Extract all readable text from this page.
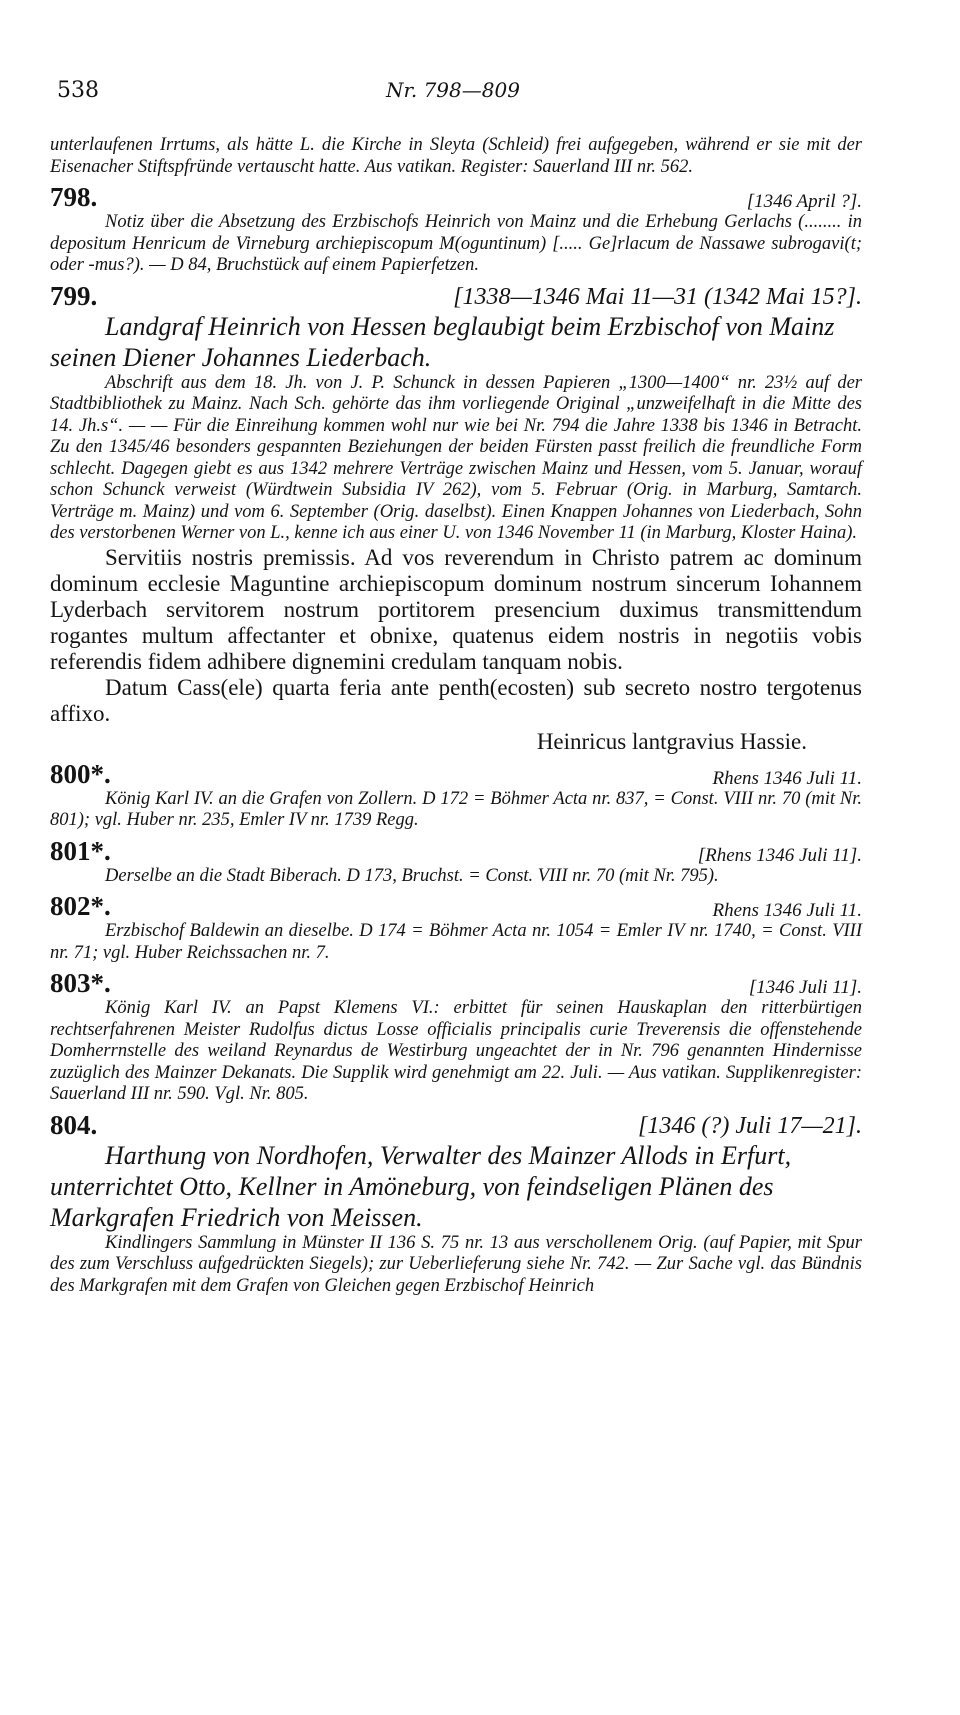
538	Nr. 798—809

unterlaufenen Irrtums, als hätte L. die Kirche in Sleyta (Schleid) frei aufgegeben, während er sie mit der Eisenacher Stiftspfründe vertauscht hatte. Aus vatikan. Register: Sauerland III nr. 562.

798.	[1346 April ?].

Notiz über die Absetzung des Erzbischofs Heinrich von Mainz und die Erhebung Gerlachs (........ in depositum Henricum de Virneburg archiepiscopum M(oguntinum) [..... Ge]rlacum de Nassawe subrogavi(t; oder -mus?). — D 84, Bruchstück auf einem Papierfetzen.

799.	[1338—1346 Mai 11—31 (1342 Mai 15?].

Landgraf Heinrich von Hessen beglaubigt beim Erzbischof von Mainz seinen Diener Johannes Liederbach.

Abschrift aus dem 18. Jh. von J. P. Schunck in dessen Papieren „1300—1400“ nr. 23½ auf der Stadtbibliothek zu Mainz. Nach Sch. gehörte das ihm vorliegende Original „unzweifelhaft in die Mitte des 14. Jh.s“. — — Für die Einreihung kommen wohl nur wie bei Nr. 794 die Jahre 1338 bis 1346 in Betracht. Zu den 1345/46 besonders gespannten Beziehungen der beiden Fürsten passt freilich die freundliche Form schlecht. Dagegen giebt es aus 1342 mehrere Verträge zwischen Mainz und Hessen, vom 5. Januar, worauf schon Schunck verweist (Würdtwein Subsidia IV 262), vom 5. Februar (Orig. in Marburg, Samtarch. Verträge m. Mainz) und vom 6. September (Orig. daselbst). Einen Knappen Johannes von Liederbach, Sohn des verstorbenen Werner von L., kenne ich aus einer U. von 1346 November 11 (in Marburg, Kloster Haina).

Servitiis nostris premissis. Ad vos reverendum in Christo patrem ac dominum dominum ecclesie Maguntine archiepiscopum dominum nostrum sincerum Iohannem Lyderbach servitorem nostrum portitorem presencium duximus transmittendum rogantes multum affectanter et obnixe, quatenus eidem nostris in negotiis vobis referendis fidem adhibere dignemini credulam tanquam nobis.

Datum Cass(ele) quarta feria ante penth(ecosten) sub secreto nostro tergotenus affixo.

Heinricus lantgravius Hassie.

800*.	Rhens 1346 Juli 11.

König Karl IV. an die Grafen von Zollern. D 172 = Böhmer Acta nr. 837, = Const. VIII nr. 70 (mit Nr. 801); vgl. Huber nr. 235, Emler IV nr. 1739 Regg.

801*.	[Rhens 1346 Juli 11].

Derselbe an die Stadt Biberach. D 173, Bruchst. = Const. VIII nr. 70 (mit Nr. 795).

802*.	Rhens 1346 Juli 11.

Erzbischof Baldewin an dieselbe. D 174 = Böhmer Acta nr. 1054 = Emler IV nr. 1740, = Const. VIII nr. 71; vgl. Huber Reichssachen nr. 7.

803*.	[1346 Juli 11].

König Karl IV. an Papst Klemens VI.: erbittet für seinen Hauskaplan den ritterbürtigen rechtserfahrenen Meister Rudolfus dictus Losse officialis principalis curie Treverensis die offenstehende Domherrnstelle des weiland Reynardus de Westirburg ungeachtet der in Nr. 796 genannten Hindernisse zuzüglich des Mainzer Dekanats. Die Supplik wird genehmigt am 22. Juli. — Aus vatikan. Supplikenregister: Sauerland III nr. 590. Vgl. Nr. 805.

804.	[1346 (?) Juli 17—21].

Harthung von Nordhofen, Verwalter des Mainzer Allods in Erfurt, unterrichtet Otto, Kellner in Amöneburg, von feindseligen Plänen des Markgrafen Friedrich von Meissen.

Kindlingers Sammlung in Münster II 136 S. 75 nr. 13 aus verschollenem Orig. (auf Papier, mit Spur des zum Verschluss aufgedrückten Siegels); zur Ueberlieferung siehe Nr. 742. — Zur Sache vgl. das Bündnis des Markgrafen mit dem Grafen von Gleichen gegen Erzbischof Heinrich
